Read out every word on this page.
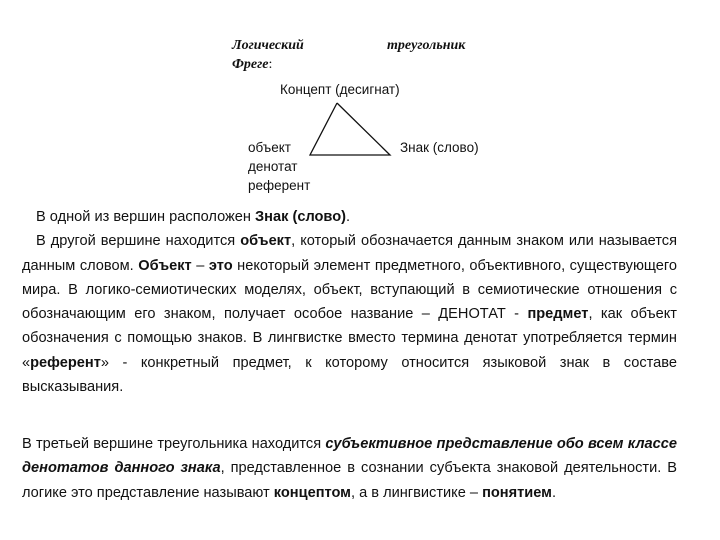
Логический	треугольник

Фреге:
Концепт (десигнат)
Знак (слово)
объект
денотат
референт

В одной из вершин расположен Знак (слово).

В другой вершине находится объект, который обозначается данным знаком или называется данным словом. Объект – это некоторый элемент предметного, объективного, существующего мира. В логико-семиотических моделях, объект, вступающий в семиотические отношения с обозначающим его знаком, получает особое название – ДЕНОТАТ - предмет, как объект обозначения с помощью знаков. В лингвистке вместо термина денотат употребляется термин «референт» - конкретный предмет, к которому относится языковой знак в составе высказывания.

В третьей вершине треугольника находится субъективное представление обо всем классе денотатов данного знака, представленное в сознании субъекта знаковой деятельности. В логике это представление называют концептом, а в лингвистике – понятием.
